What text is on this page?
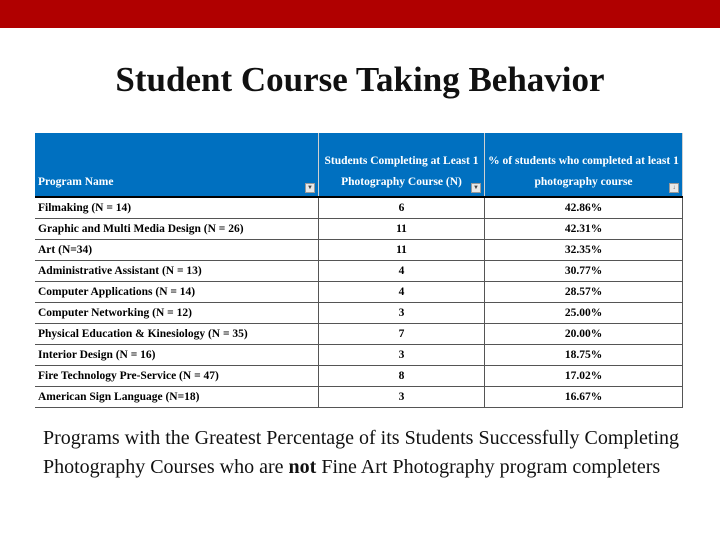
Student Course Taking Behavior
Program Name ▼	Students Completing at Least 1 Photography Course (N) ▼	% of students who completed at least 1 photography course ↓

Filmaking (N = 14)	6	42.86%
Graphic and Multi Media Design (N = 26)	11	42.31%
Art (N=34)	11	32.35%
Administrative Assistant (N = 13)	4	30.77%
Computer Applications (N = 14)	4	28.57%
Computer Networking (N = 12)	3	25.00%
Physical Education & Kinesiology (N = 35)	7	20.00%
Interior Design (N = 16)	3	18.75%
Fire Technology Pre-Service (N = 47)	8	17.02%
American Sign Language (N=18)	3	16.67%
Programs with the Greatest Percentage of its Students Successfully Completing Photography Courses who are not Fine Art Photography program completers
